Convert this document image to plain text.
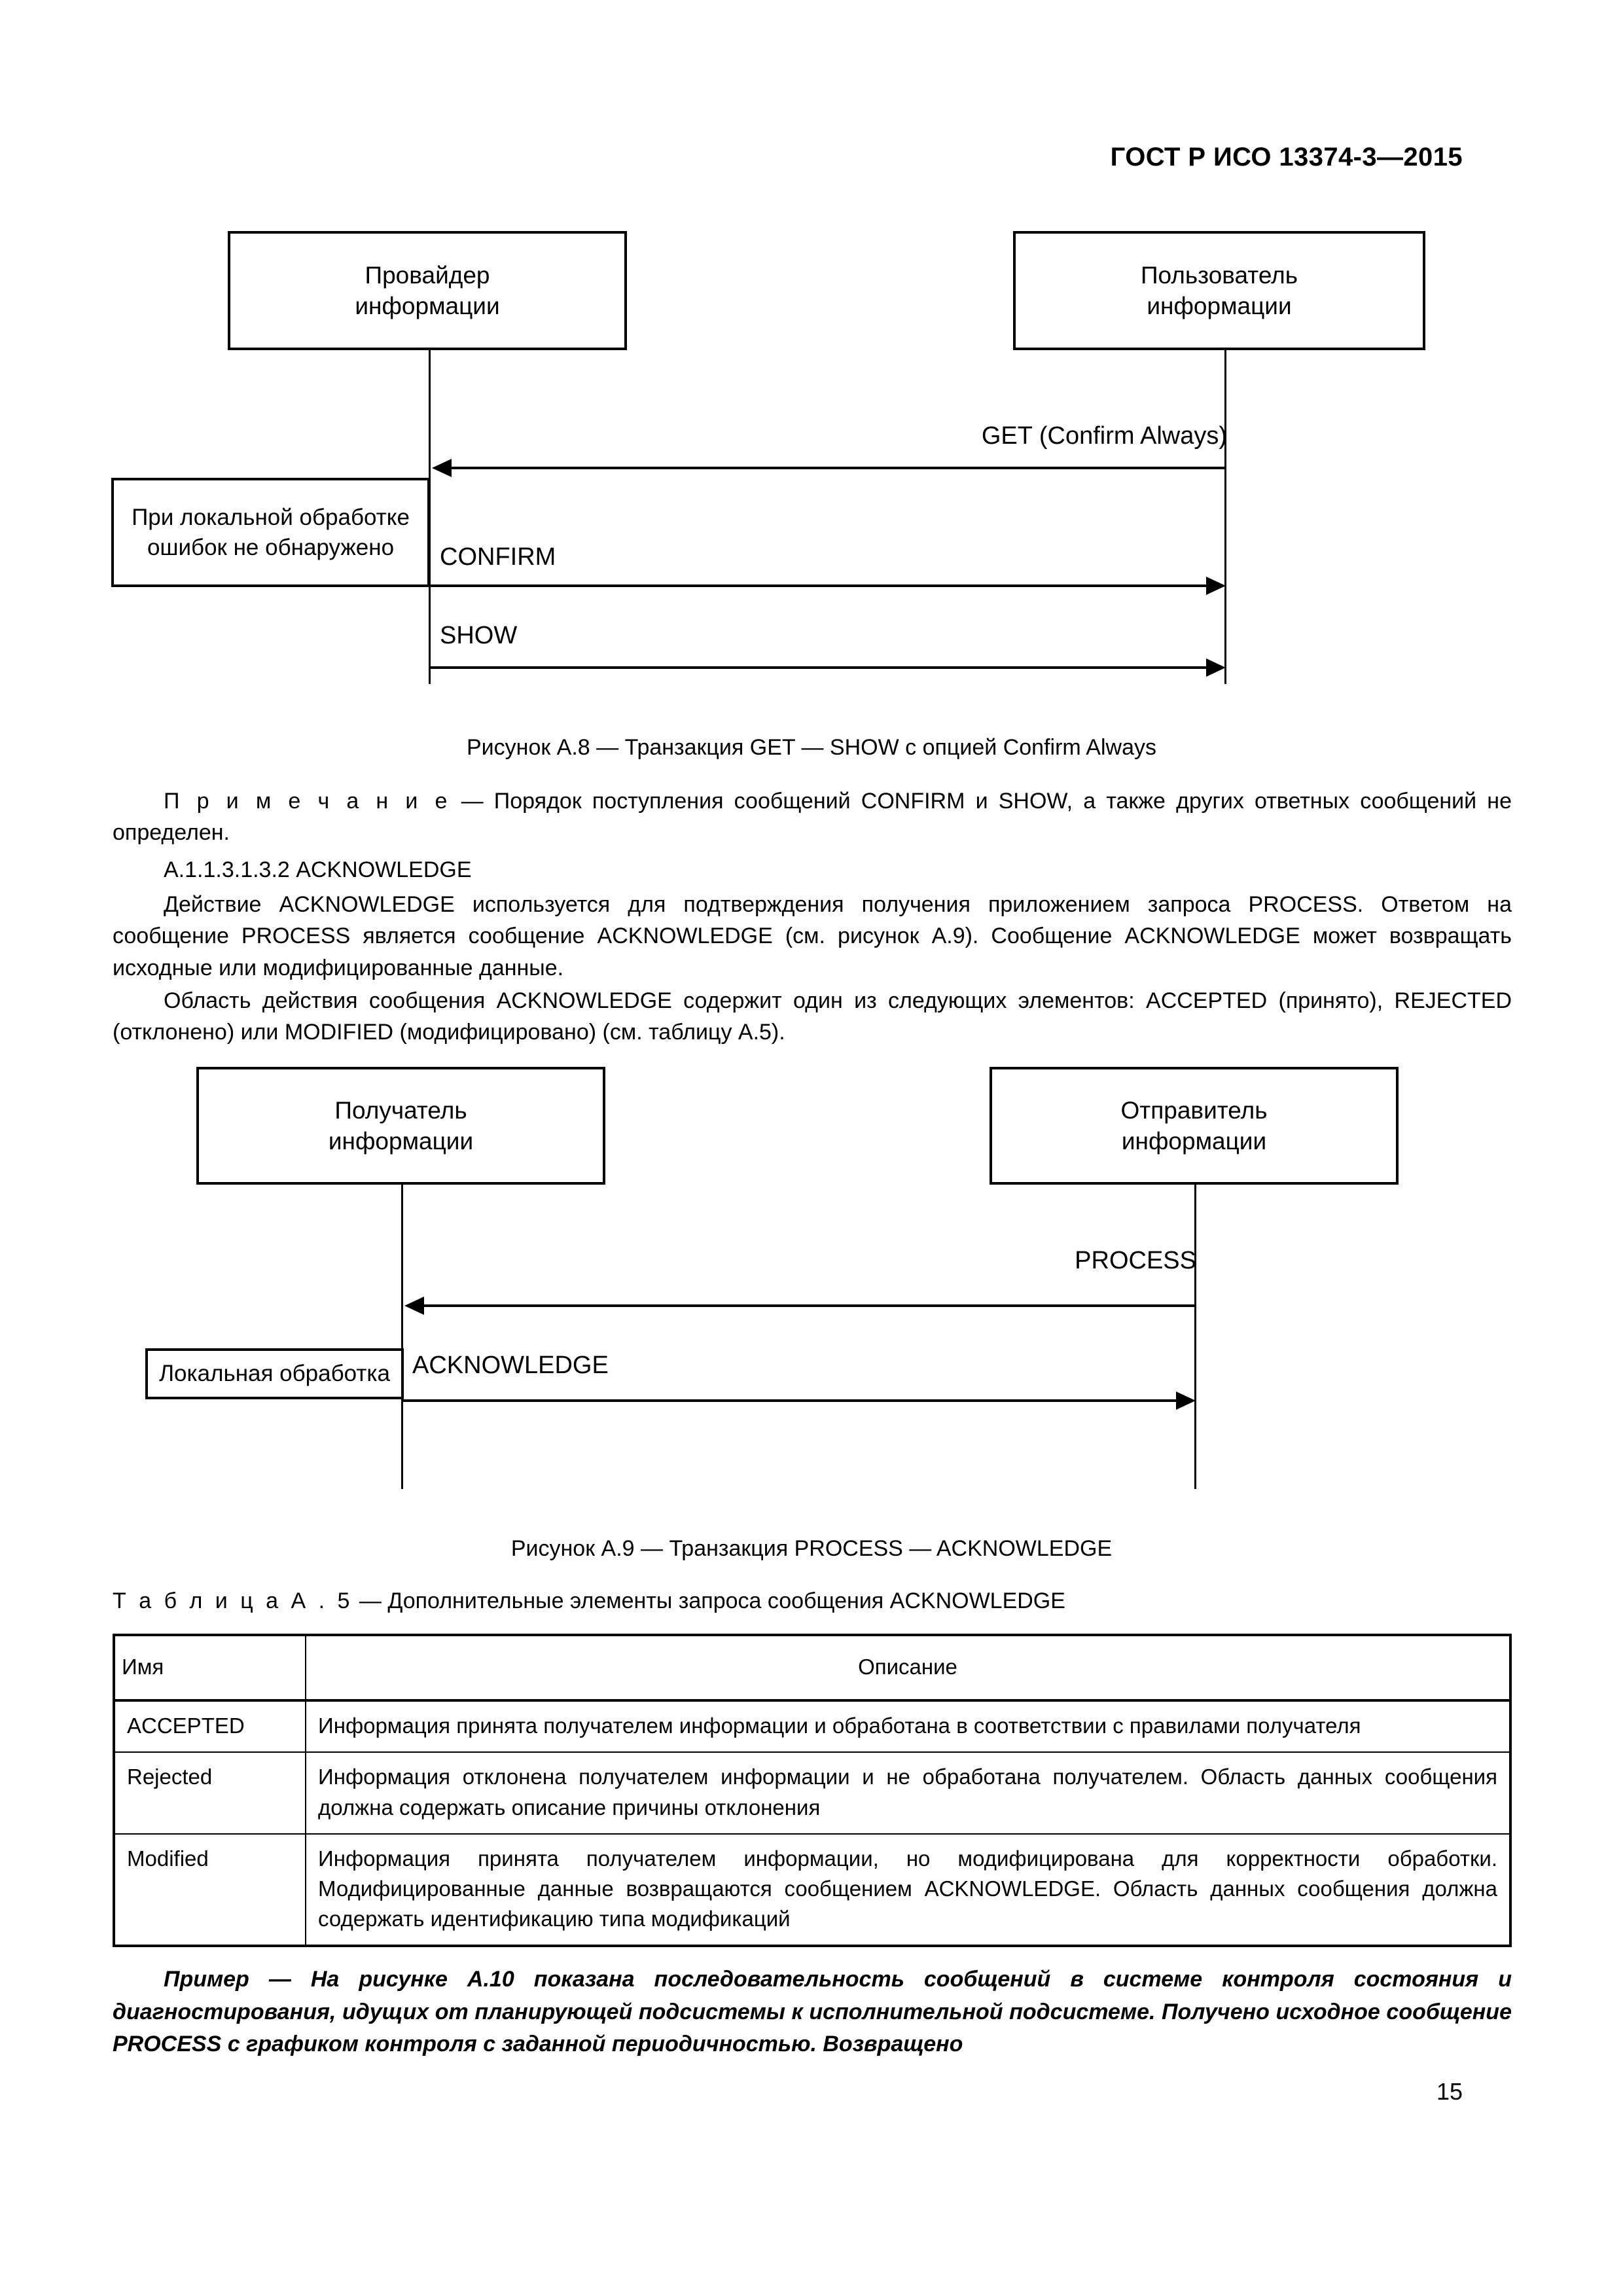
ГОСТ Р ИСО 13374-3—2015
Провайдер
информации
Пользователь
информации
GET (Confirm Always)
При локальной обработке
ошибок не обнаружено CONFIRM
SHOW
Рисунок А.8 — Транзакция GET — SHOW с опцией Confirm Always
П р и м е ч а н и е — Порядок поступления сообщений CONFIRM и SHOW, а также других ответных сообщений не определен.
А.1.1.3.1.3.2 ACKNOWLEDGE
Действие ACKNOWLEDGE используется для подтверждения получения приложением запроса PROCESS. Ответом на сообщение PROCESS является сообщение ACKNOWLEDGE (см. рисунок А.9). Сообщение ACKNOWLEDGE может возвращать исходные или модифицированные данные.
Область действия сообщения ACKNOWLEDGE содержит один из следующих элементов: ACCEPTED (принято), REJECTED (отклонено) или MODIFIED (модифицировано) (см. таблицу А.5).
Получатель
информации
Отправитель
информации
PROCESS
Локальная обработка ACKNOWLEDGE
Рисунок А.9 — Транзакция PROCESS — ACKNOWLEDGE
Т а б л и ц а А . 5 — Дополнительные элементы запроса сообщения ACKNOWLEDGE
Имя	Описание
ACCEPTED	Информация принята получателем информации и обработана в соответствии с правилами получателя
Rejected	Информация отклонена получателем информации и не обработана получателем. Область данных сообщения должна содержать описание причины отклонения
Modified	Информация принята получателем информации, но модифицирована для корректности обработки. Модифицированные данные возвращаются сообщением ACKNOWLEDGE. Область данных сообщения должна содержать идентификацию типа модификаций
Пример — На рисунке А.10 показана последовательность сообщений в системе контроля состояния и диагностирования, идущих от планирующей подсистемы к исполнительной подсистеме. Получено исходное сообщение PROCESS с графиком контроля с заданной периодичностью. Возвращено
15
